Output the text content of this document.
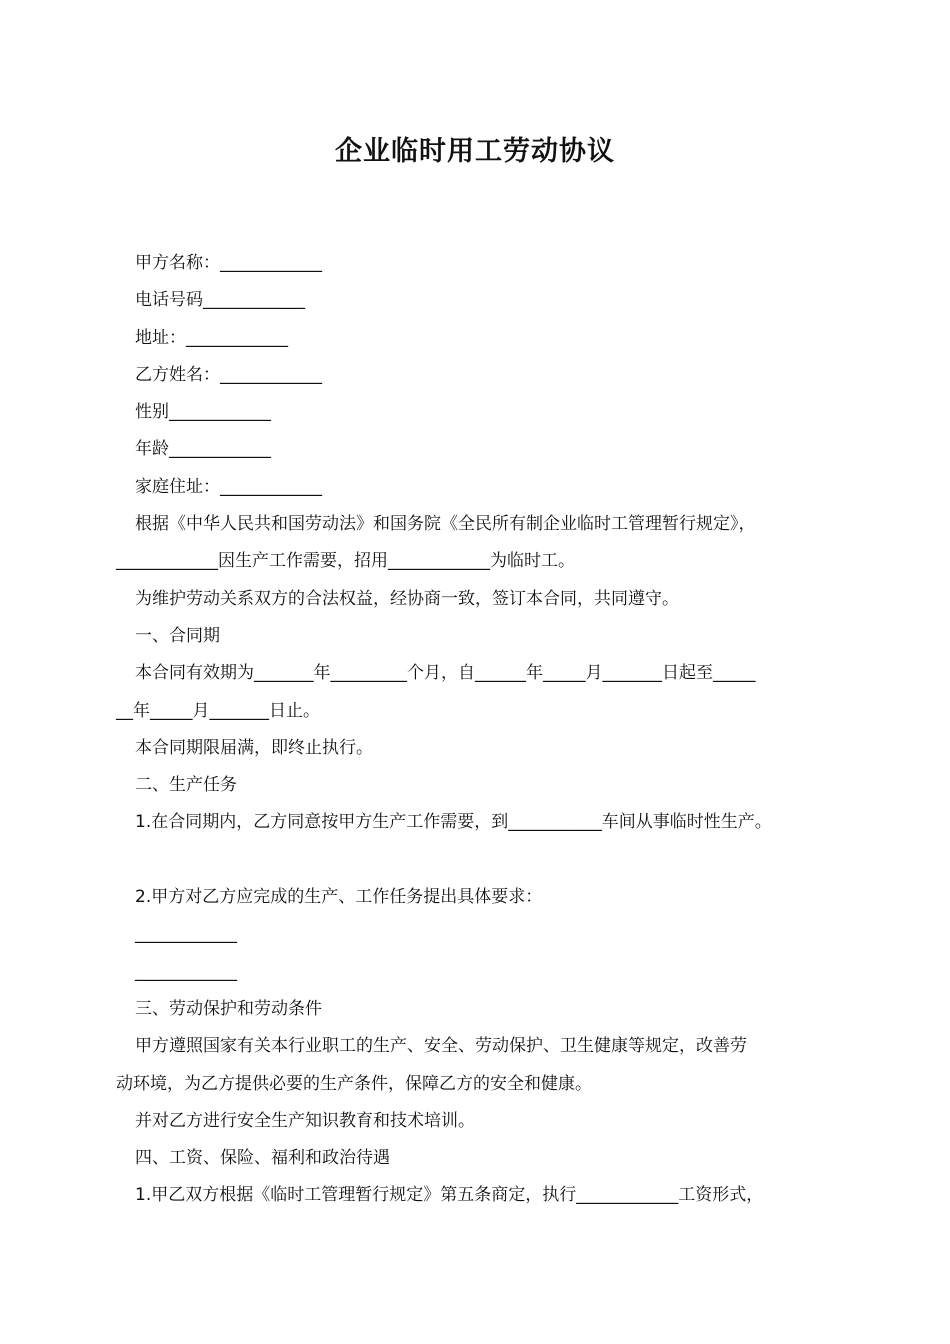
企业临时用工劳动协议
甲方名称：____________
电话号码____________
地址：____________
乙方姓名：____________
性别____________
年龄____________
家庭住址：____________
根据《中华人民共和国劳动法》和国务院《全民所有制企业临时工管理暂行规定》，
____________因生产工作需要，招用____________为临时工。
为维护劳动关系双方的合法权益，经协商一致，签订本合同，共同遵守。
一、合同期
本合同有效期为_______年_________个月，自______年_____月_______日起至_____
__年_____月_______日止。
本合同期限届满，即终止执行。
二、生产任务
1.在合同期内，乙方同意按甲方生产工作需要，到___________车间从事临时性生产。
2.甲方对乙方应完成的生产、工作任务提出具体要求：
____________
____________
三、劳动保护和劳动条件
甲方遵照国家有关本行业职工的生产、安全、劳动保护、卫生健康等规定，改善劳
动环境，为乙方提供必要的生产条件，保障乙方的安全和健康。
并对乙方进行安全生产知识教育和技术培训。
四、工资、保险、福利和政治待遇
1.甲乙双方根据《临时工管理暂行规定》第五条商定，执行____________工资形式，
